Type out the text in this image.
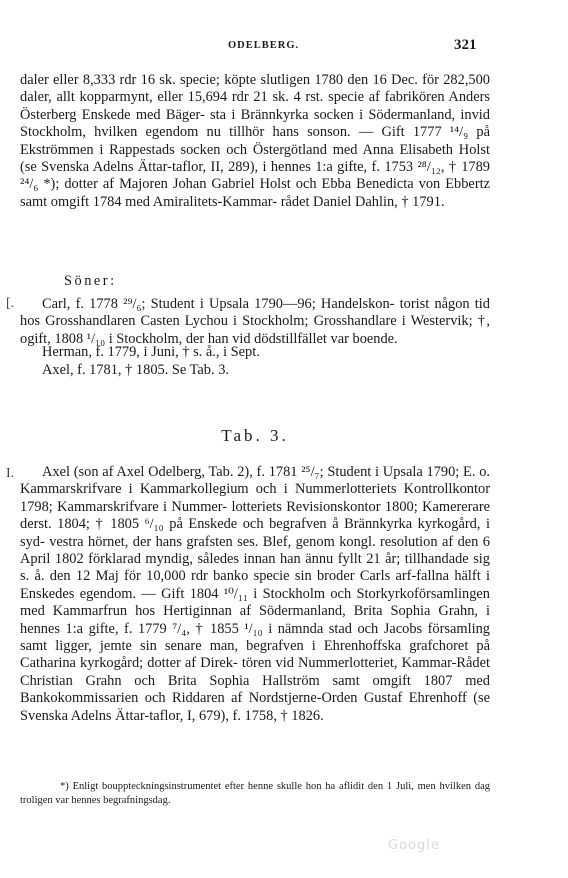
ODELBERG.	321

daler eller 8,333 rdr 16 sk. specie; köpte slutligen 1780 den 16 Dec. för 282,500 daler, allt kopparmynt, eller 15,694 rdr 21 sk. 4 rst. specie af fabrikören Anders Österberg Enskede med Bäger- sta i Brännkyrka socken i Södermanland, invid Stockholm, hvilken egendom nu tillhör hans sonson. — Gift 1777 ¹⁴/₉ på Ekströmmen i Rappestads socken och Östergötland med Anna Elisabeth Holst (se Svenska Adelns Ättar-taflor, II, 289), i hennes 1:a gifte, f. 1753 ²⁸/₁₂, † 1789 ²⁴/₆ *); dotter af Majoren Johan Gabriel Holst och Ebba Benedicta von Ebbertz samt omgift 1784 med Amiralitets-Kammar- rådet Daniel Dahlin, † 1791.

Söner:
[.	Carl, f. 1778 ²⁹/₆; Student i Upsala 1790—96; Handelskon- torist någon tid hos Grosshandlaren Casten Lychou i Stockholm; Grosshandlare i Westervik; †, ogift, 1808 ¹/₁₀ i Stockholm, der han vid dödstillfället var boende.

Herman, f. 1779, i Juni, † s. å., i Sept.

Axel, f. 1781, † 1805. Se Tab. 3.

Tab. 3.
I.	Axel (son af Axel Odelberg, Tab. 2), f. 1781 ²⁵/₇; Student i Upsala 1790; E. o. Kammarskrifvare i Kammarkollegium och i Nummerlotteriets Kontrollkontor 1798; Kammarskrifvare i Nummer- lotteriets Revisionskontor 1800; Kamererare derst. 1804; † 1805 ⁶/₁₀ på Enskede och begrafven å Brännkyrka kyrkogård, i syd- vestra hörnet, der hans grafsten ses. Blef, genom kongl. resolution af den 6 April 1802 förklarad myndig, således innan han ännu fyllt 21 år; tillhandade sig s. å. den 12 Maj för 10,000 rdr banko specie sin broder Carls arf-fallna hälft i Enskedes egendom. — Gift 1804 ¹⁰/₁₁ i Stockholm och Storkyrkoförsamlingen med Kammarfrun hos Hertiginnan af Södermanland, Brita Sophia Grahn, i hennes 1:a gifte, f. 1779 ⁷/₄, † 1855 ¹/₁₀ i nämnda stad och Jacobs församling samt ligger, jemte sin senare man, begrafven i Ehrenhoffska grafchoret på Catharina kyrkogård; dotter af Direk- tören vid Nummerlotteriet, Kammar-Rådet Christian Grahn och Brita Sophia Hallström samt omgift 1807 med Bankokommissarien och Riddaren af Nordstjerne-Orden Gustaf Ehrenhoff (se Svenska Adelns Ättar-taflor, I, 679), f. 1758, † 1826.

*) Enligt bouppteckningsinstrumentet efter henne skulle hon ha aflidit den 1 Juli, men hvilken dag troligen var hennes begrafningsdag.

Google
